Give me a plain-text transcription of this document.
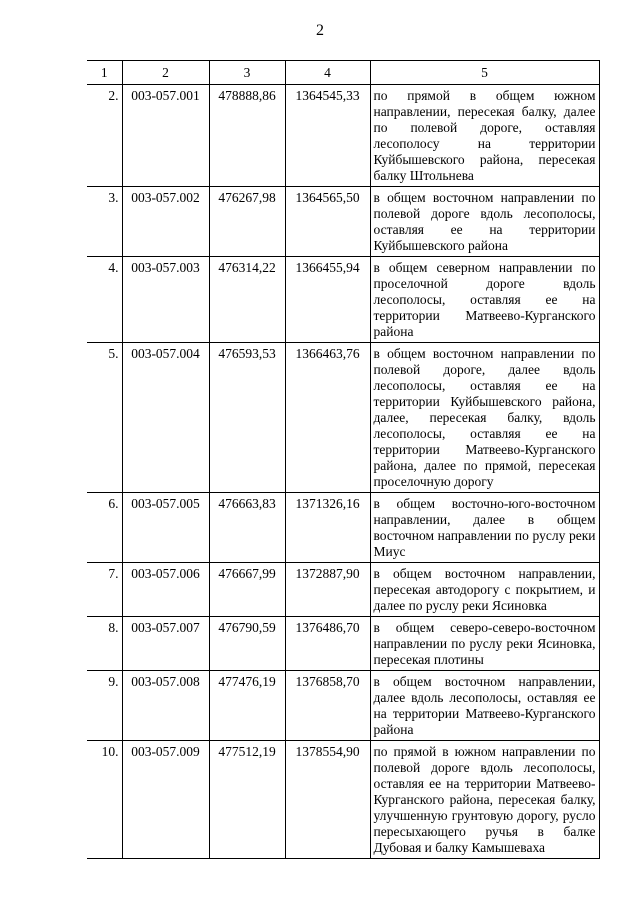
2
1	2	3	4	5
2.	003-057.001	478888,86	1364545,33	по прямой в общем южном направлении, пересекая балку, далее по полевой дороге, оставляя лесополосу на территории Куйбышевского района, пересекая балку Штольнева
3.	003-057.002	476267,98	1364565,50	в общем восточном направлении по полевой дороге вдоль лесополосы, оставляя ее на территории Куйбышевского района
4.	003-057.003	476314,22	1366455,94	в общем северном направлении по проселочной дороге вдоль лесополосы, оставляя ее на территории Матвеево-Курганского района
5.	003-057.004	476593,53	1366463,76	в общем восточном направлении по полевой дороге, далее вдоль лесополосы, оставляя ее на территории Куйбышевского района, далее, пересекая балку, вдоль лесополосы, оставляя ее на территории Матвеево-Курганского района, далее по прямой, пересекая проселочную дорогу
6.	003-057.005	476663,83	1371326,16	в общем восточно-юго-восточном направлении, далее в общем восточном направлении по руслу реки Миус
7.	003-057.006	476667,99	1372887,90	в общем восточном направлении, пересекая автодорогу с покрытием, и далее по руслу реки Ясиновка
8.	003-057.007	476790,59	1376486,70	в общем северо-северо-восточном направлении по руслу реки Ясиновка, пересекая плотины
9.	003-057.008	477476,19	1376858,70	в общем восточном направлении, далее вдоль лесополосы, оставляя ее на территории Матвеево-Курганского района
10.	003-057.009	477512,19	1378554,90	по прямой в южном направлении по полевой дороге вдоль лесополосы, оставляя ее на территории Матвеево-Курганского района, пересекая балку, улучшенную грунтовую дорогу, русло пересыхающего ручья в балке Дубовая и балку Камышеваха
